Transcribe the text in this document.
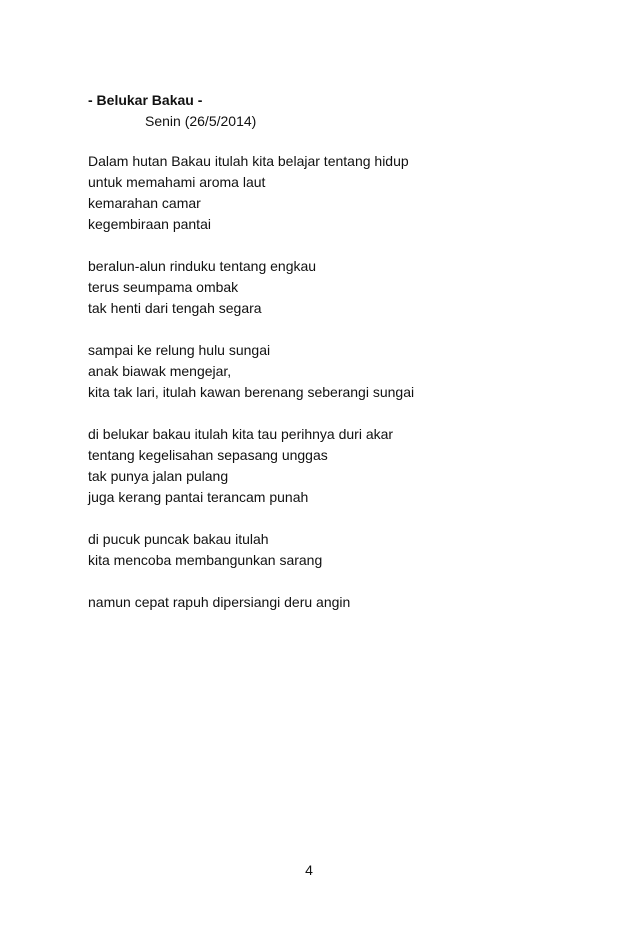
- Belukar Bakau -
Senin (26/5/2014)
Dalam hutan Bakau itulah kita belajar tentang hidup
untuk memahami aroma laut
kemarahan camar
kegembiraan pantai
beralun-alun rinduku tentang engkau
terus seumpama ombak
tak henti dari tengah segara
sampai ke relung hulu sungai
anak biawak mengejar,
kita tak lari, itulah kawan berenang seberangi sungai
di belukar bakau itulah kita tau perihnya duri akar
tentang kegelisahan sepasang unggas
tak punya jalan pulang
juga kerang pantai terancam punah
di pucuk puncak bakau itulah
kita mencoba membangunkan sarang
namun cepat rapuh dipersiangi deru angin
4
